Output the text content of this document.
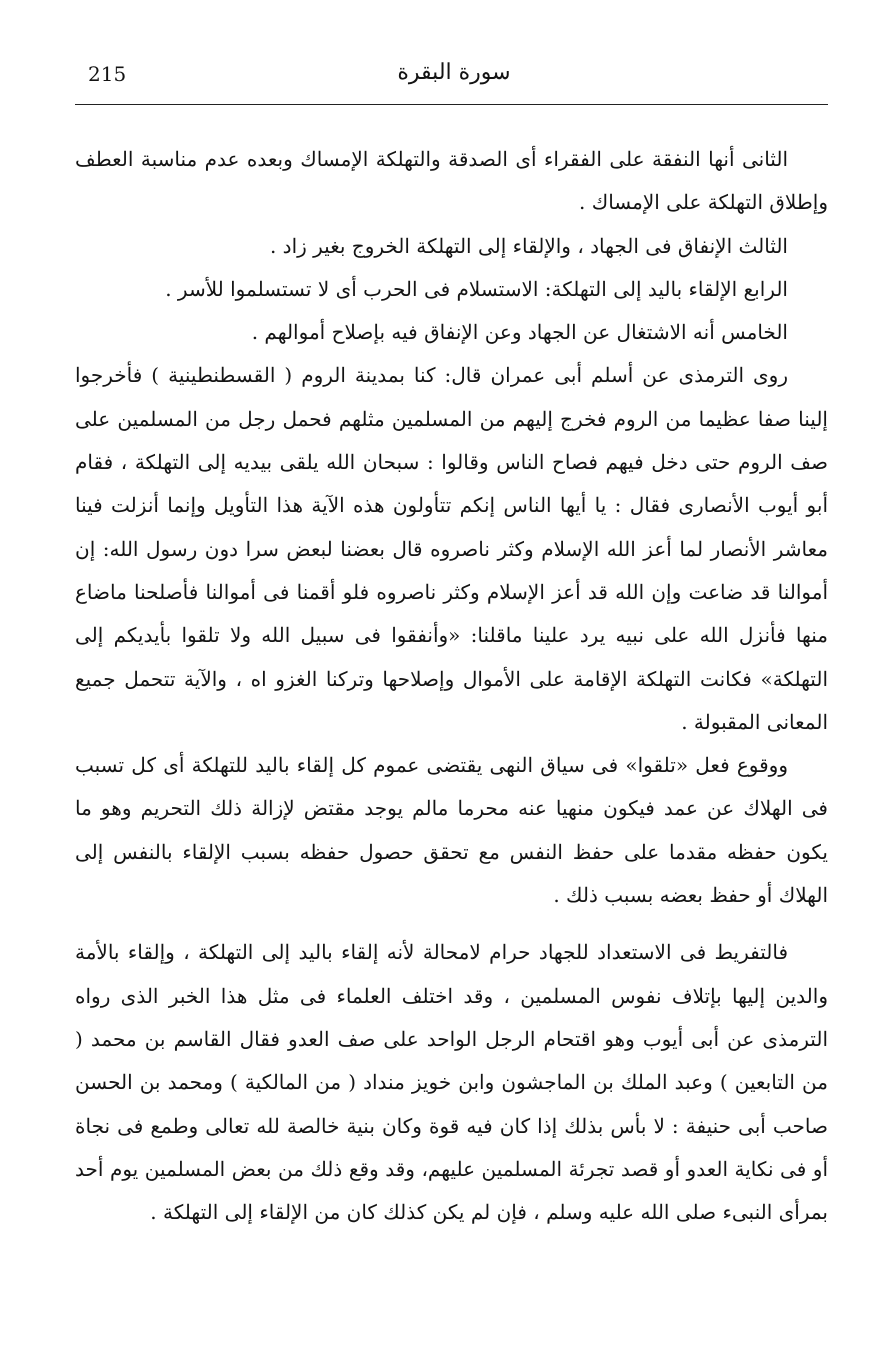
215	سورة البقرة

الثانى أنها النفقة على الفقراء أى الصدقة والتهلكة الإمساك وبعده عدم مناسبة العطف وإطلاق التهلكة على الإمساك .

الثالث الإنفاق فى الجهاد ، والإلقاء إلى التهلكة الخروج بغير زاد .

الرابع الإلقاء باليد إلى التهلكة: الاستسلام فى الحرب أى لا تستسلموا للأسر .

الخامس أنه الاشتغال عن الجهاد وعن الإنفاق فيه بإصلاح أموالهم .

روى الترمذى عن أسلم أبى عمران قال: كنا بمدينة الروم ( القسطنطينية ) فأخرجوا إلينا صفا عظيما من الروم فخرج إليهم من المسلمين مثلهم فحمل رجل من المسلمين على صف الروم حتى دخل فيهم فصاح الناس وقالوا : سبحان الله يلقى بيديه إلى التهلكة ، فقام أبو أيوب الأنصارى فقال : يا أيها الناس إنكم تتأولون هذه الآية هذا التأويل وإنما أنزلت فينا معاشر الأنصار لما أعز الله الإسلام وكثر ناصروه قال بعضنا لبعض سرا دون رسول الله: إن أموالنا قد ضاعت وإن الله قد أعز الإسلام وكثر ناصروه فلو أقمنا فى أموالنا فأصلحنا ماضاع منها فأنزل الله على نبيه يرد علينا ماقلنا: «وأنفقوا فى سبيل الله ولا تلقوا بأيديكم إلى التهلكة» فكانت التهلكة الإقامة على الأموال وإصلاحها وتركنا الغزو اه ، والآية تتحمل جميع المعانى المقبولة .

ووقوع فعل «تلقوا» فى سياق النهى يقتضى عموم كل إلقاء باليد للتهلكة أى كل تسبب فى الهلاك عن عمد فيكون منهيا عنه محرما مالم يوجد مقتض لإزالة ذلك التحريم وهو ما يكون حفظه مقدما على حفظ النفس مع تحقق حصول حفظه بسبب الإلقاء بالنفس إلى الهلاك أو حفظ بعضه بسبب ذلك .

فالتفريط فى الاستعداد للجهاد حرام لامحالة لأنه إلقاء باليد إلى التهلكة ، وإلقاء بالأمة والدين إليها بإتلاف نفوس المسلمين ، وقد اختلف العلماء فى مثل هذا الخبر الذى رواه الترمذى عن أبى أيوب وهو اقتحام الرجل الواحد على صف العدو فقال القاسم بن محمد ( من التابعين ) وعبد الملك بن الماجشون وابن خويز منداد ( من المالكية ) ومحمد بن الحسن صاحب أبى حنيفة : لا بأس بذلك إذا كان فيه قوة وكان بنية خالصة لله تعالى وطمع فى نجاة أو فى نكاية العدو أو قصد تجرئة المسلمين عليهم، وقد وقع ذلك من بعض المسلمين يوم أحد بمرأى النبىء صلى الله عليه وسلم ، فإن لم يكن كذلك كان من الإلقاء إلى التهلكة .
